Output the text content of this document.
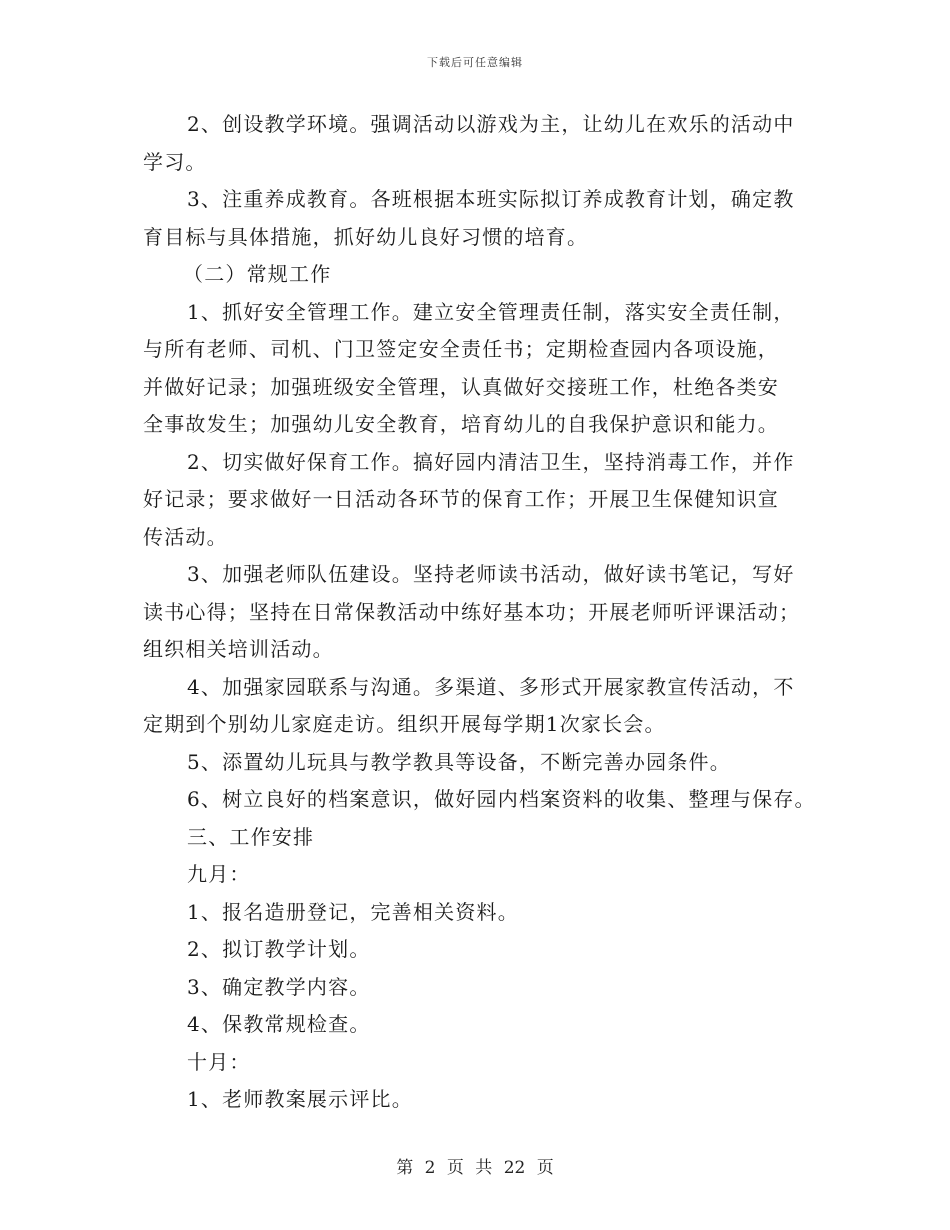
下载后可任意编辑
2、创设教学环境。强调活动以游戏为主，让幼儿在欢乐的活动中
学习。
3、注重养成教育。各班根据本班实际拟订养成教育计划，确定教
育目标与具体措施，抓好幼儿良好习惯的培育。
（二）常规工作
1、抓好安全管理工作。建立安全管理责任制，落实安全责任制，
与所有老师、司机、门卫签定安全责任书；定期检查园内各项设施，
并做好记录；加强班级安全管理，认真做好交接班工作，杜绝各类安
全事故发生；加强幼儿安全教育，培育幼儿的自我保护意识和能力。
2、切实做好保育工作。搞好园内清洁卫生，坚持消毒工作，并作
好记录；要求做好一日活动各环节的保育工作；开展卫生保健知识宣
传活动。
3、加强老师队伍建设。坚持老师读书活动，做好读书笔记，写好
读书心得；坚持在日常保教活动中练好基本功；开展老师听评课活动；
组织相关培训活动。
4、加强家园联系与沟通。多渠道、多形式开展家教宣传活动，不
定期到个别幼儿家庭走访。组织开展每学期1次家长会。
5、添置幼儿玩具与教学教具等设备，不断完善办园条件。
6、树立良好的档案意识，做好园内档案资料的收集、整理与保存。
三、工作安排
九月：
1、报名造册登记，完善相关资料。
2、拟订教学计划。
3、确定教学内容。
4、保教常规检查。
十月：
1、老师教案展示评比。
第 2 页 共 22 页
